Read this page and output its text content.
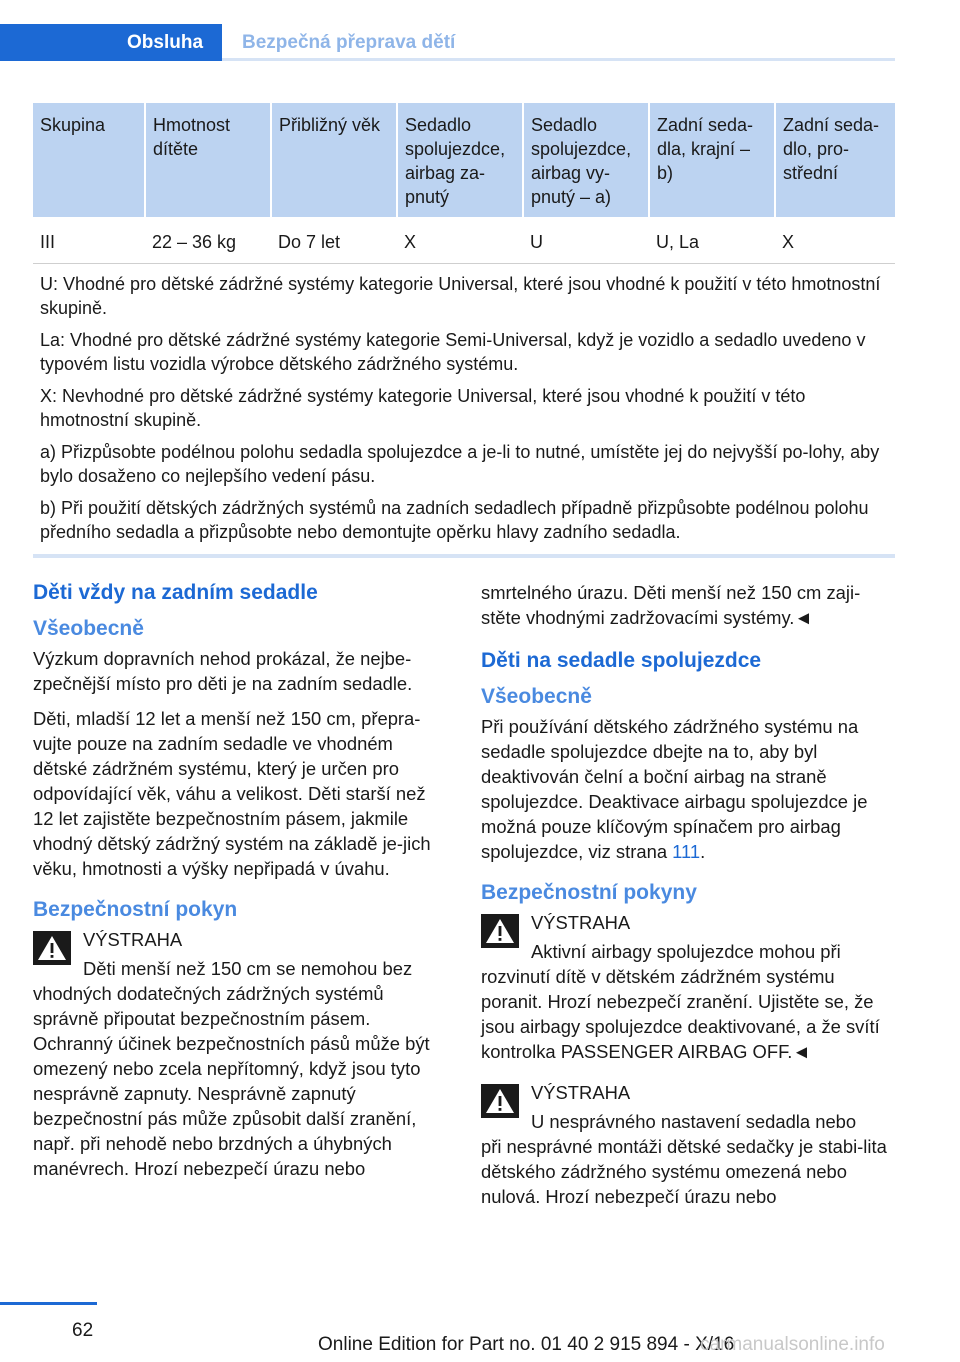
Obsluha	Bezpečná přeprava dětí
Skupina	Hmotnost dítěte	Přibližný věk	Sedadlo spolujezdce, airbag za-pnutý	Sedadlo spolujezdce, airbag vy-pnutý – a)	Zadní seda-dla, krajní – b)	Zadní seda-dlo, pro-střední
III	22 – 36 kg	Do 7 let	X	U	U, La	X

U: Vhodné pro dětské zádržné systémy kategorie Universal, které jsou vhodné k použití v této hmotnostní skupině.

La: Vhodné pro dětské zádržné systémy kategorie Semi-Universal, když je vozidlo a sedadlo uvedeno v typovém listu vozidla výrobce dětského zádržného systému.

X: Nevhodné pro dětské zádržné systémy kategorie Universal, které jsou vhodné k použití v této hmotnostní skupině.

a) Přizpůsobte podélnou polohu sedadla spolujezdce a je-li to nutné, umístěte jej do nejvyšší po-lohy, aby bylo dosaženo co nejlepšího vedení pásu.

b) Při použití dětských zádržných systémů na zadních sedadlech případně přizpůsobte podélnou polohu předního sedadla a přizpůsobte nebo demontujte opěrku hlavy zadního sedadla.						

Děti vždy na zadním sedadle
Všeobecně

Výzkum dopravních nehod prokázal, že nejbe-zpečnější místo pro děti je na zadním sedadle.

Děti, mladší 12 let a menší než 150 cm, přepra-vujte pouze na zadním sedadle ve vhodném dětské zádržném systému, který je určen pro odpovídající věk, váhu a velikost. Děti starší než 12 let zajistěte bezpečnostním pásem, jakmile vhodný dětský zádržný systém na základě je-jich věku, hmotnosti a výšky nepřipadá v úvahu.

Bezpečnostní pokyn

VÝSTRAHA

Děti menší než 150 cm se nemohou bez
vhodných dodatečných zádržných systémů správně připoutat bezpečnostním pásem. Ochranný účinek bezpečnostních pásů může být omezený nebo zcela nepřítomný, když jsou tyto nesprávně zapnuty. Nesprávně zapnutý bezpečnostní pás může způsobit další zranění, např. při nehodě nebo brzdných a úhybných manévrech. Hrozí nebezpečí úrazu nebo

smrtelného úrazu. Děti menší než 150 cm zaji-stěte vhodnými zadržovacími systémy.◄

Děti na sedadle spolujezdce
Všeobecně

Při používání dětského zádržného systému na sedadle spolujezdce dbejte na to, aby byl deaktivován čelní a boční airbag na straně spolujezdce. Deaktivace airbagu spolujezdce je možná pouze klíčovým spínačem pro airbag spolujezdce, viz strana 111.

Bezpečnostní pokyny

VÝSTRAHA

Aktivní airbagy spolujezdce mohou při
rozvinutí dítě v dětském zádržném systému poranit. Hrozí nebezpečí zranění. Ujistěte se, že jsou airbagy spolujezdce deaktivované, a že svítí kontrolka PASSENGER AIRBAG OFF.◄

VÝSTRAHA

U nesprávného nastavení sedadla nebo
při nesprávné montáži dětské sedačky je stabi-lita dětského zádržného systému omezená nebo nulová. Hrozí nebezpečí úrazu nebo

62
Online Edition for Part no. 01 40 2 915 894 - X/16
carmanualsonline.info
